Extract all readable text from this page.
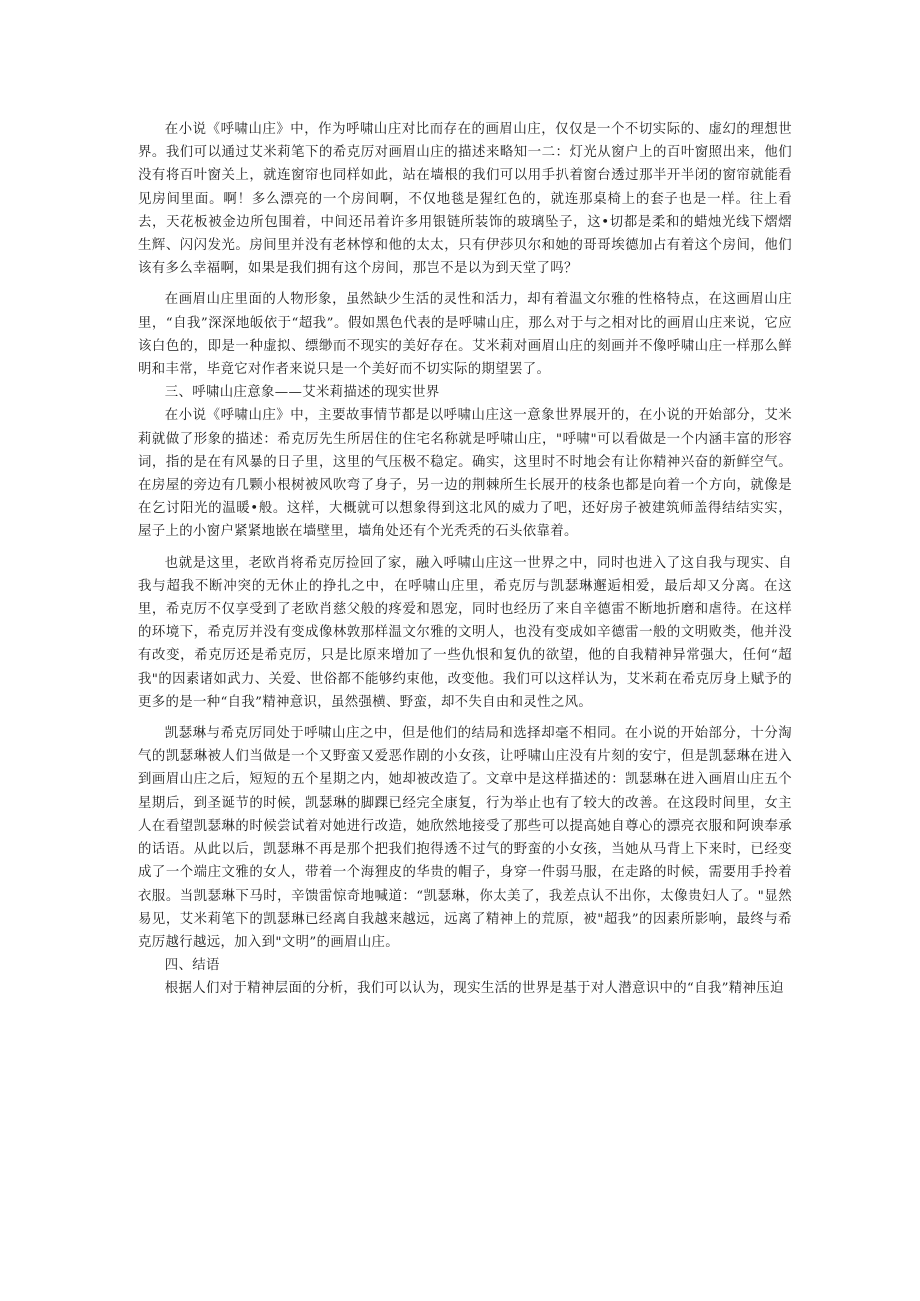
在小说《呼啸山庄》中，作为呼啸山庄对比而存在的画眉山庄，仅仅是一个不切实际的、虚幻的理想世界。我们可以通过艾米莉笔下的希克厉对画眉山庄的描述来略知一二：灯光从窗户上的百叶窗照出来，他们没有将百叶窗关上，就连窗帘也同样如此，站在墙根的我们可以用手扒着窗台透过那半开半闭的窗帘就能看见房间里面。啊！多么漂亮的一个房间啊，不仅地毯是猩红色的，就连那桌椅上的套子也是一样。往上看去，天花板被金边所包围着，中间还吊着许多用银链所装饰的玻璃坠子，这•切都是柔和的蜡烛光线下熠熠生辉、闪闪发光。房间里并没有老林惇和他的太太，只有伊莎贝尔和她的哥哥埃德加占有着这个房间，他们该有多么幸福啊，如果是我们拥有这个房间，那岂不是以为到天堂了吗？

在画眉山庄里面的人物形象，虽然缺少生活的灵性和活力，却有着温文尔雅的性格特点，在这画眉山庄里，“自我”深深地皈依于“超我”。假如黑色代表的是呼啸山庄，那么对于与之相对比的画眉山庄来说，它应该白色的，即是一种虚拟、缥缈而不现实的美好存在。艾米莉对画眉山庄的刻画并不像呼啸山庄一样那么鲜明和丰常，毕竟它对作者来说只是一个美好而不切实际的期望罢了。

三、呼啸山庄意象——艾米莉描述的现实世界

在小说《呼啸山庄》中，主要故事情节都是以呼啸山庄这一意象世界展开的，在小说的开始部分，艾米莉就做了形象的描述：希克厉先生所居住的住宅名称就是呼啸山庄，"呼啸"可以看做是一个内涵丰富的形容词，指的是在有风暴的日子里，这里的气压极不稳定。确实，这里时不时地会有让你精神兴奋的新鲜空气。在房屋的旁边有几颗小根树被风吹弯了身子，另一边的荆棘所生长展开的枝条也都是向着一个方向，就像是在乞讨阳光的温暖•般。这样，大概就可以想象得到这北风的威力了吧，还好房子被建筑师盖得结结实实，屋子上的小窗户紧紧地嵌在墙壁里，墙角处还有个光秃秃的石头依靠着。

也就是这里，老欧肖将希克厉捡回了家，融入呼啸山庄这一世界之中，同时也进入了这自我与现实、自我与超我不断冲突的无休止的挣扎之中，在呼啸山庄里，希克厉与凯瑟琳邂逅相爱，最后却又分离。在这里，希克厉不仅享受到了老欧肖慈父般的疼爱和恩宠，同时也经历了来自辛德雷不断地折磨和虐待。在这样的环境下，希克厉并没有变成像林敦那样温文尔雅的文明人，也没有变成如辛德雷一般的文明败类，他并没有改变，希克厉还是希克厉，只是比原来增加了一些仇恨和复仇的欲望，他的自我精神异常强大，任何“超我"的因素诸如武力、关爱、世俗都不能够约束他，改变他。我们可以这样认为，艾米莉在希克厉身上赋予的更多的是一种“自我”精神意识，虽然强横、野蛮，却不失自由和灵性之风。

凯瑟琳与希克厉同处于呼啸山庄之中，但是他们的结局和选择却毫不相同。在小说的开始部分，十分淘气的凯瑟琳被人们当做是一个又野蛮又爱恶作剧的小女孩，让呼啸山庄没有片刻的安宁，但是凯瑟琳在进入到画眉山庄之后，短短的五个星期之内，她却被改造了。文章中是这样描述的：凯瑟琳在进入画眉山庄五个星期后，到圣诞节的时候，凯瑟琳的脚踝已经完全康复，行为举止也有了较大的改善。在这段时间里，女主人在看望凯瑟琳的时候尝试着对她进行改造，她欣然地接受了那些可以提高她自尊心的漂亮衣服和阿谀奉承的话语。从此以后，凯瑟琳不再是那个把我们抱得透不过气的野蛮的小女孩，当她从马背上下来时，已经变成了一个端庄文雅的女人，带着一个海狸皮的华贵的帽子，身穿一件弱马服，在走路的时候，需要用手拎着衣服。当凯瑟琳下马时，辛馈雷惊奇地喊道：“凯瑟琳，你太美了，我差点认不出你，太像贵妇人了。"显然易见，艾米莉笔下的凯瑟琳已经离自我越来越远，远离了精神上的荒原，被"超我”的因素所影响，最终与希克厉越行越远，加入到"文明”的画眉山庄。

四、结语

根据人们对于精神层面的分析，我们可以认为，现实生活的世界是基于对人潜意识中的“自我”精神压迫
